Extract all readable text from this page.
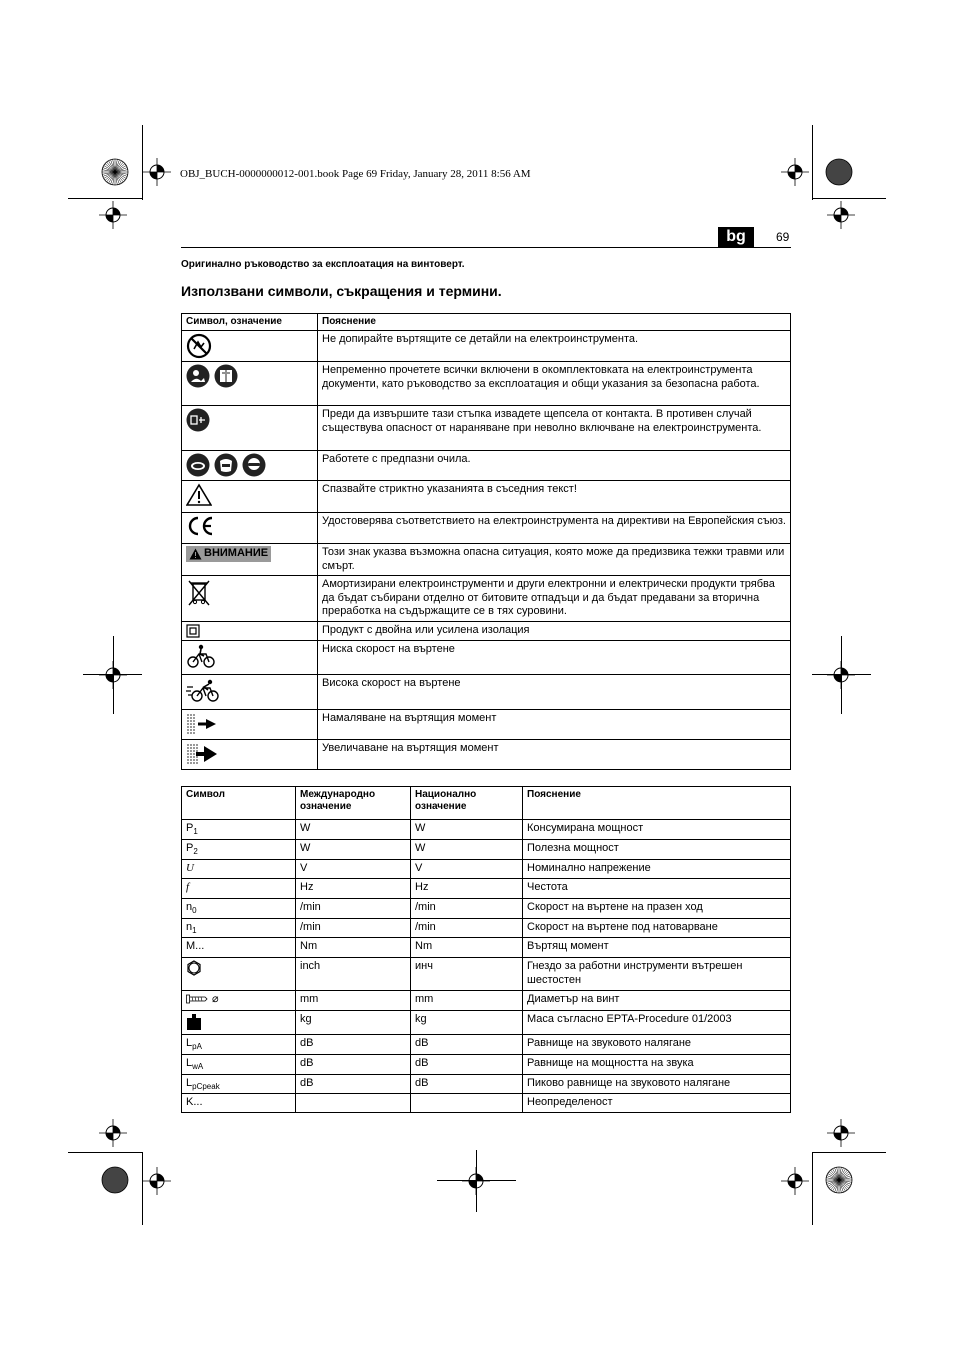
OBJ_BUCH-0000000012-001.book Page 69 Friday, January 28, 2011 8:56 AM
bg	69
Оригинално ръководство за експлоатация на винтоверт.
Използвани символи, съкращения и термини.
Символ, означение	Пояснение

	Не допирайте въртящите се детайли на електроинструмента.

	Непременно прочетете всички включени в окомплектовката на електроинструмента документи, като ръководство за експлоатация и общи указания за безопасна работа.

	Преди да извършите тази стъпка извадете щепсела от контакта. В противен случай съществува опасност от нараняване при неволно включване на електроинструмента.

	Работете с предпазни очила.

	Спазвайте стриктно указанията в съседния текст!

	Удостоверява съответствието на електроинструмента на директиви на Европейския съюз.

ВНИМАНИЕ	Този знак указва възможна опасна ситуация, която може да предизвика тежки травми или смърт.

	Амортизирани електроинструменти и други електронни и електрически продукти трябва да бъдат събирани отделно от битовите отпадъци и да бъдат предавани за вторична преработка на съдържащите се в тях суровини.

	Продукт с двойна или усилена изолация

	Ниска скорост на въртене

	Висока скорост на въртене

	Намаляване на въртящия момент

	Увеличаване на въртящия момент
Символ	Международно означение	Национално означение	Пояснение
$P_1$	W	W	Консумирана мощност
$P_2$	W	W	Полезна мощност
U	V	V	Номинално напрежение
f	Hz	Hz	Честота
$n_0$	/min	/min	Скорост на въртене на празен ход
$n_1$	/min	/min	Скорост на въртене под натоварване
M...	Nm	Nm	Въртящ момент

	inch	инч	Гнездо за работни инструменти вътрешен шестостен

⌀	mm	mm	Диаметър на винт

	kg	kg	Маса съгласно EPTA-Procedure 01/2003
$L_{pA}$	dB	dB	Равнище на звуковото налягане
$L_{wA}$	dB	dB	Равнище на мощността на звука
$L_{pCpeak}$	dB	dB	Пиково равнище на звуковото налягане
K...			Неопределеност
